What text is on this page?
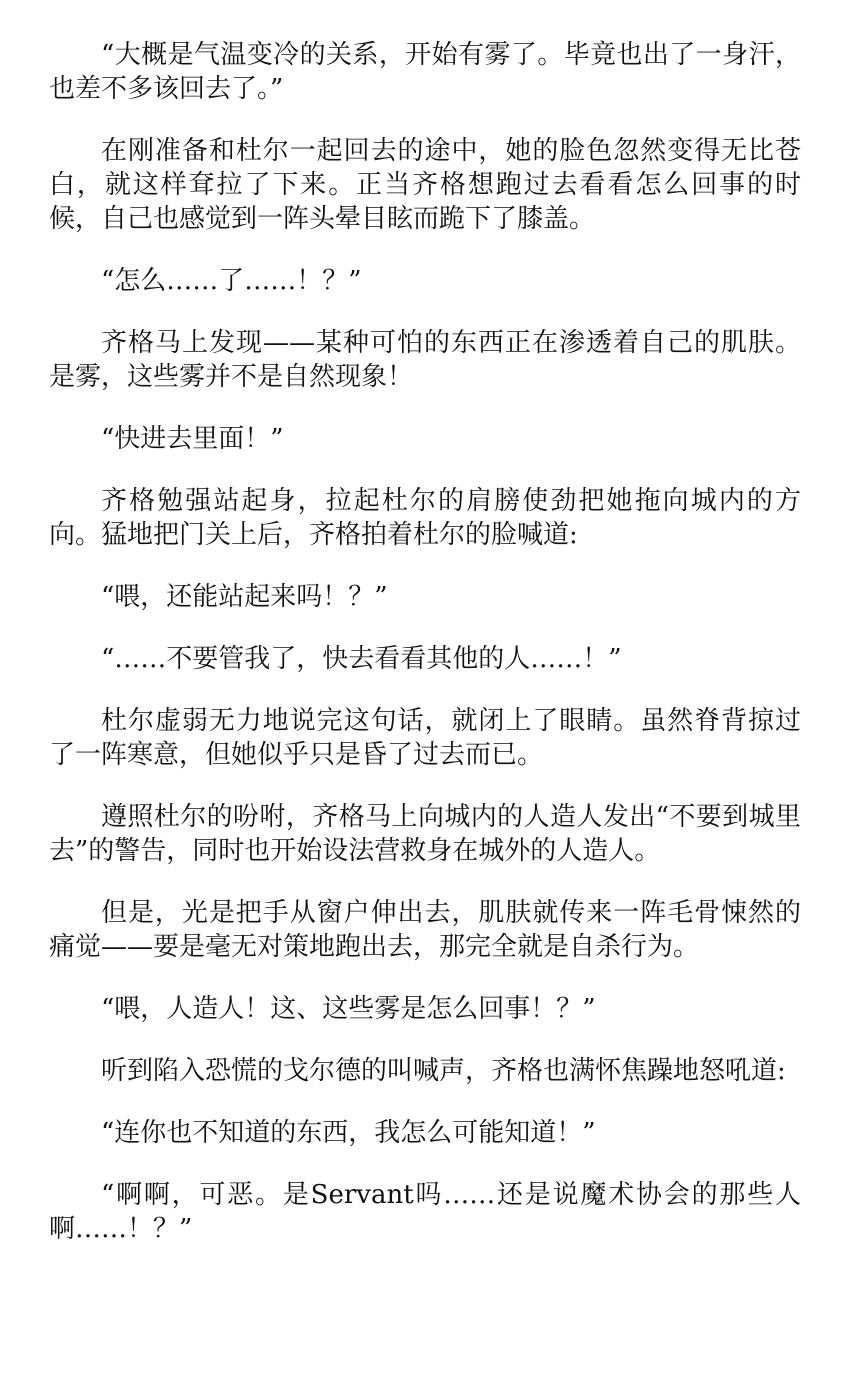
“大概是气温变冷的关系，开始有雾了。毕竟也出了一身汗，也差不多该回去了。”

在刚准备和杜尔一起回去的途中，她的脸色忽然变得无比苍白，就这样耷拉了下来。正当齐格想跑过去看看怎么回事的时候，自己也感觉到一阵头晕目眩而跪下了膝盖。

“怎么……了……！？”

齐格马上发现——某种可怕的东西正在渗透着自己的肌肤。是雾，这些雾并不是自然现象！

“快进去里面！”

齐格勉强站起身，拉起杜尔的肩膀使劲把她拖向城内的方向。猛地把门关上后，齐格拍着杜尔的脸喊道:

“喂，还能站起来吗！？”

“……不要管我了，快去看看其他的人……！”

杜尔虚弱无力地说完这句话，就闭上了眼睛。虽然脊背掠过了一阵寒意，但她似乎只是昏了过去而已。

遵照杜尔的吩咐，齐格马上向城内的人造人发出“不要到城里去”的警告，同时也开始设法营救身在城外的人造人。

但是，光是把手从窗户伸出去，肌肤就传来一阵毛骨悚然的痛觉——要是毫无对策地跑出去，那完全就是自杀行为。

“喂，人造人！这、这些雾是怎么回事！？”

听到陷入恐慌的戈尔德的叫喊声，齐格也满怀焦躁地怒吼道:

“连你也不知道的东西，我怎么可能知道！”

“啊啊，可恶。是Servant吗……还是说魔术协会的那些人啊……！？”
